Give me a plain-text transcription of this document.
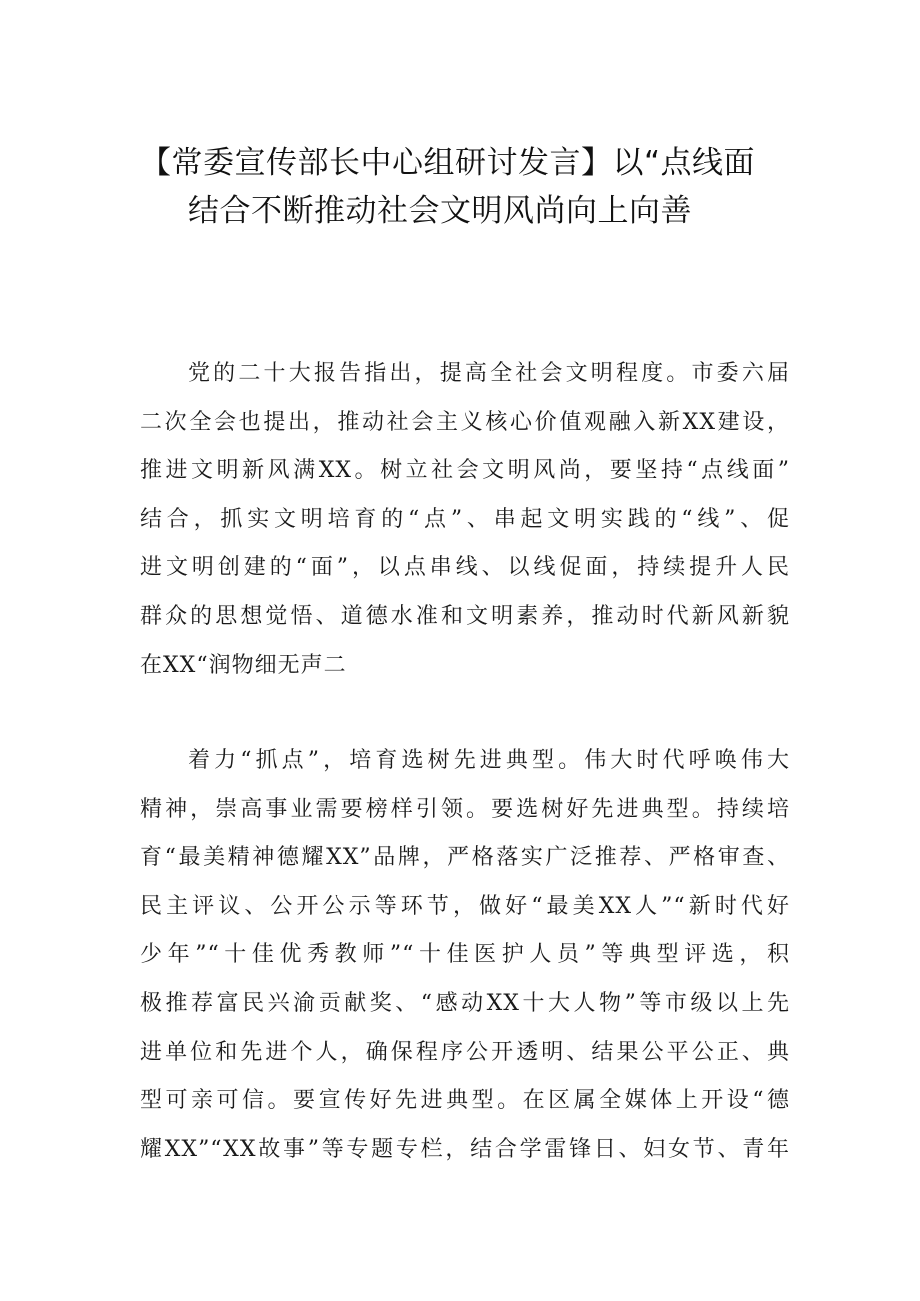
【常委宣传部长中心组研讨发言】以“点线面
结合不断推动社会文明风尚向上向善
党的二十大报告指出，提高全社会文明程度。市委六届
二次全会也提出，推动社会主义核心价值观融入新XX建设，
推进文明新风满XX。树立社会文明风尚，要坚持“点线面”
结合，抓实文明培育的“点”、串起文明实践的“线”、促
进文明创建的“面”，以点串线、以线促面，持续提升人民
群众的思想觉悟、道德水准和文明素养，推动时代新风新貌
在XX“润物细无声二
着力“抓点”，培育选树先进典型。伟大时代呼唤伟大
精神，崇高事业需要榜样引领。要选树好先进典型。持续培
育“最美精神德耀XX”品牌，严格落实广泛推荐、严格审查、
民主评议、公开公示等环节，做好“最美XX人”“新时代好
少年”“十佳优秀教师”“十佳医护人员”等典型评选，积
极推荐富民兴渝贡献奖、“感动XX十大人物”等市级以上先
进单位和先进个人，确保程序公开透明、结果公平公正、典
型可亲可信。要宣传好先进典型。在区属全媒体上开设“德
耀XX”“XX故事”等专题专栏，结合学雷锋日、妇女节、青年
